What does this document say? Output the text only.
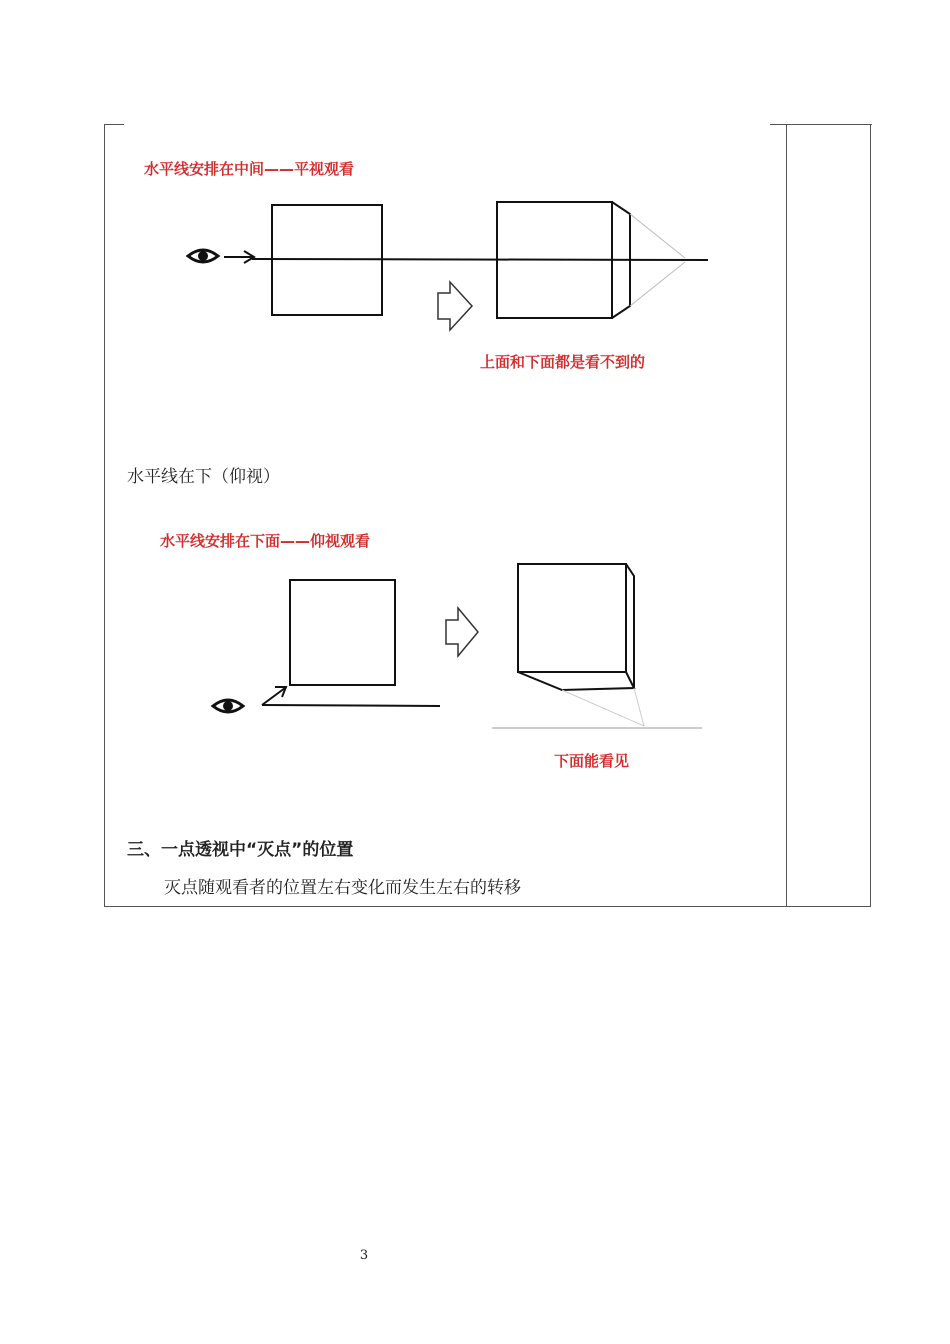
水平线安排在中间——平视观看
上面和下面都是看不到的
水平线在下（仰视）
水平线安排在下面——仰视观看
下面能看见
三、一点透视中“灭点”的位置
灭点随观看者的位置左右变化而发生左右的转移
3
